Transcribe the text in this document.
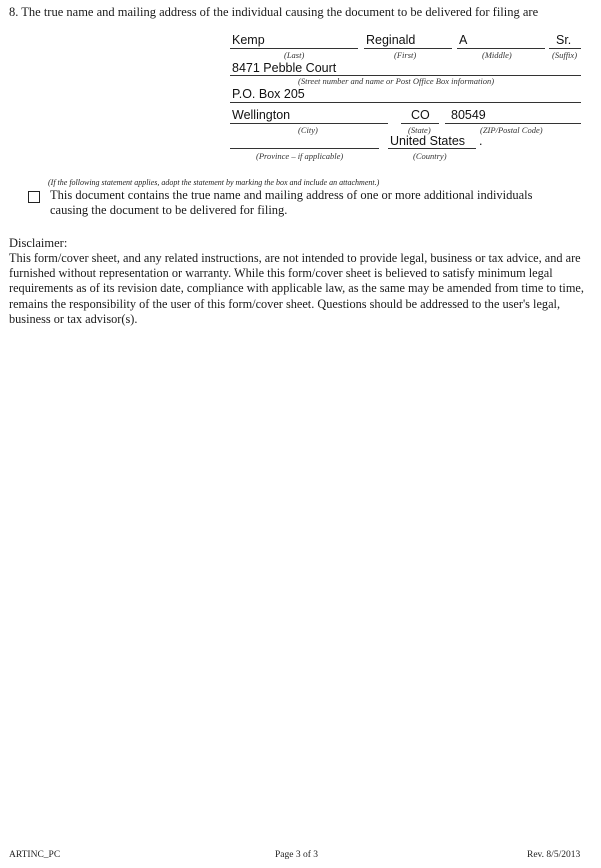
8. The true name and mailing address of the individual causing the document to be delivered for filing are
Kemp
(Last)
Reginald
(First)
A
(Middle)
Sr.
(Suffix)
8471 Pebble Court
(Street number and name or Post Office Box information)
P.O. Box 205
Wellington
(City)
CO
(State)
80549
(ZIP/Postal Code)
(Province – if applicable)
United States .
(Country)
(If the following statement applies, adopt the statement by marking the box and include an attachment.)
This document contains the true name and mailing address of one or more additional individuals causing the document to be delivered for filing.
Disclaimer:
This form/cover sheet, and any related instructions, are not intended to provide legal, business or tax advice, and are furnished without representation or warranty. While this form/cover sheet is believed to satisfy minimum legal requirements as of its revision date, compliance with applicable law, as the same may be amended from time to time, remains the responsibility of the user of this form/cover sheet. Questions should be addressed to the user's legal, business or tax advisor(s).
ARTINC_PC	Page 3 of 3	Rev. 8/5/2013
